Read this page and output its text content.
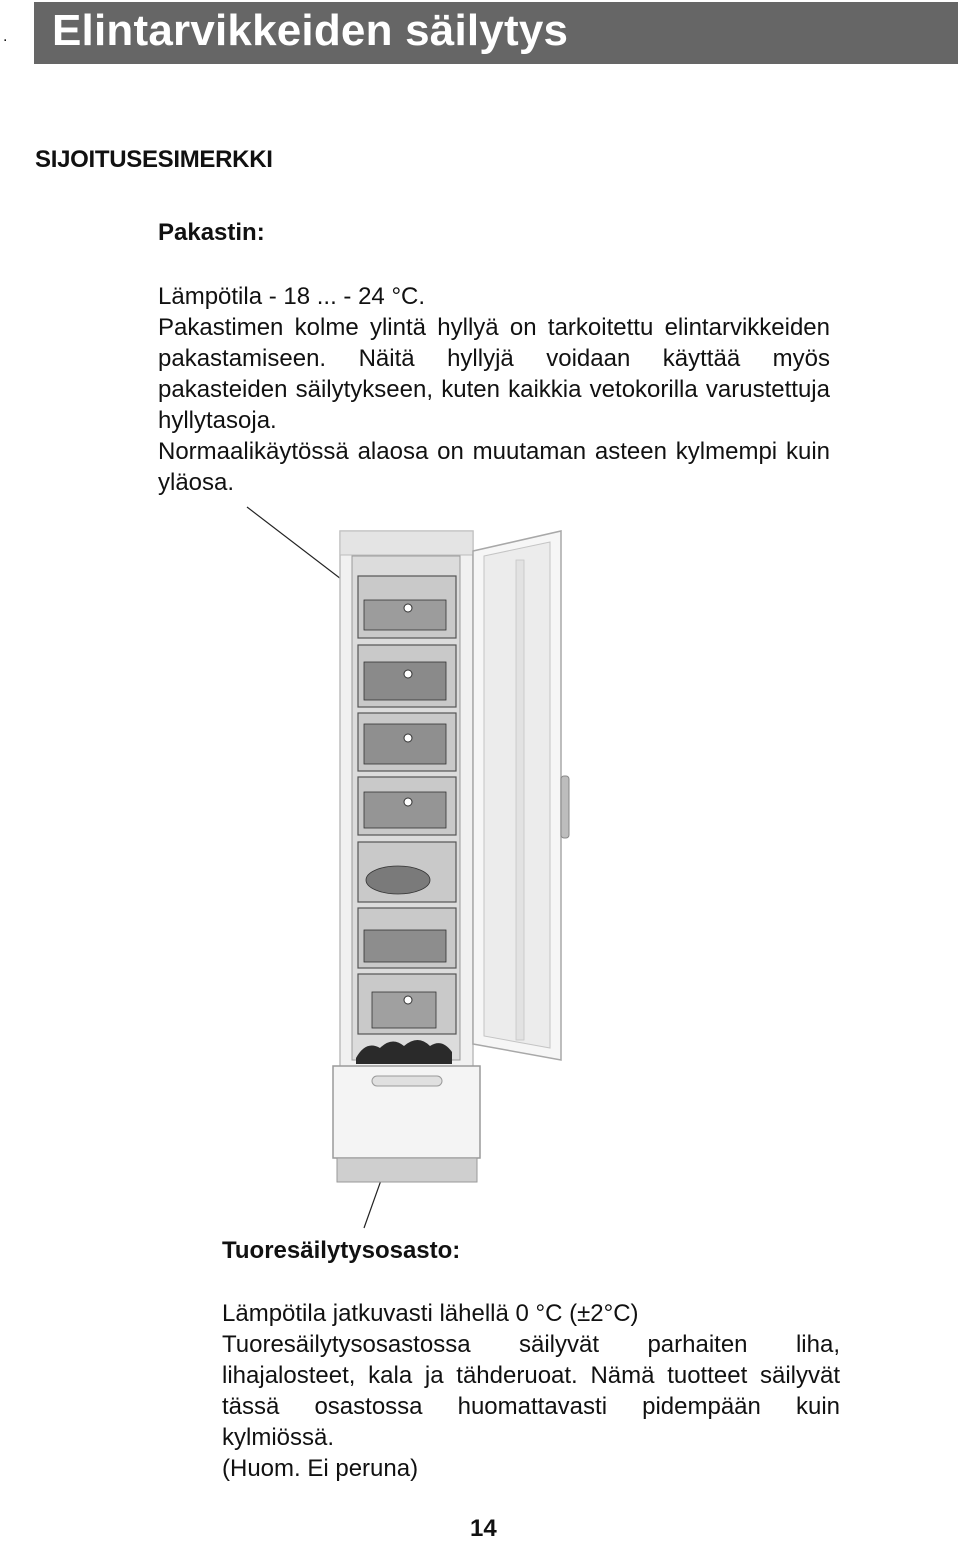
. Elintarvikkeiden säilytys
SIJOITUSESIMERKKI
Pakastin:

Lämpötila - 18 ... - 24 °C.

Pakastimen kolme ylintä hyllyä on tarkoitettu elintarvikkeiden pakastamiseen. Näitä hyllyjä voidaan käyttää myös pakasteiden säilytykseen, kuten kaikkia vetokorilla varustettuja hyllytasoja.

Normaalikäytössä alaosa on muutaman asteen kylmempi kuin yläosa.

Tuoresäilytysosasto:

Lämpötila jatkuvasti lähellä 0 °C (±2°C)

Tuoresäilytysosastossa säilyvät parhaiten liha, lihajalosteet, kala ja tähderuoat. Nämä tuotteet säilyvät tässä osastossa huomattavasti pidempään kuin kylmiössä.

(Huom. Ei peruna)

14
